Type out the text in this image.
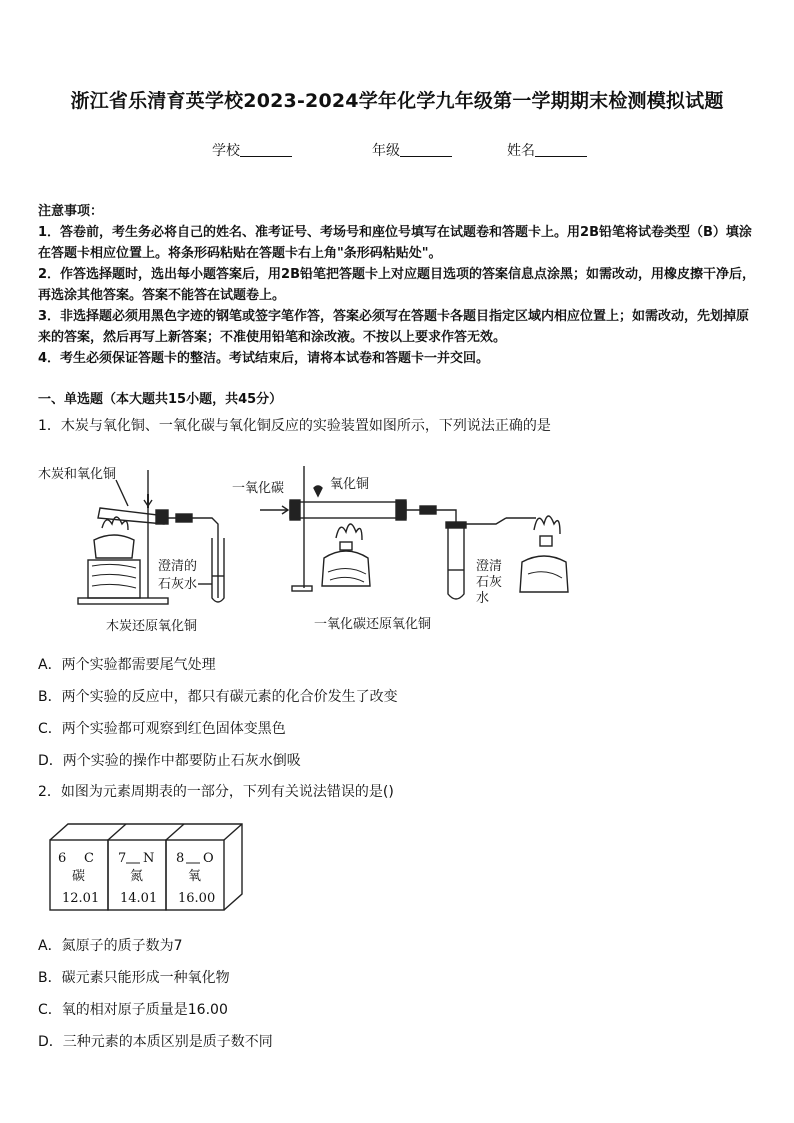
浙江省乐清育英学校2023-2024学年化学九年级第一学期期末检测模拟试题
学校	年级	姓名

注意事项：

1．答卷前，考生务必将自己的姓名、准考证号、考场号和座位号填写在试题卷和答题卡上。用2B铅笔将试卷类型（B）填涂在答题卡相应位置上。将条形码粘贴在答题卡右上角"条形码粘贴处"。

2．作答选择题时，选出每小题答案后，用2B铅笔把答题卡上对应题目选项的答案信息点涂黑；如需改动，用橡皮擦干净后，再选涂其他答案。答案不能答在试题卷上。

3．非选择题必须用黑色字迹的钢笔或签字笔作答，答案必须写在答题卡各题目指定区域内相应位置上；如需改动，先划掉原来的答案，然后再写上新答案；不准使用铅笔和涂改液。不按以上要求作答无效。

4．考生必须保证答题卡的整洁。考试结束后，请将本试卷和答题卡一并交回。

一、单选题（本大题共15小题，共45分）
1．木炭与氧化铜、一氧化碳与氧化铜反应的实验装置如图所示，下列说法正确的是
木炭和氧化铜
澄清的
石灰水
木炭还原氧化铜
一氧化碳	氧化铜
澄清
石灰
水
一氧化碳还原氧化铜
A．两个实验都需要尾气处理
B．两个实验的反应中，都只有碳元素的化合价发生了改变
C．两个实验都可观察到红色固体变黑色
D．两个实验的操作中都要防止石灰水倒吸
2．如图为元素周期表的一部分，下列有关说法错误的是()
6 C
碳
12.01
7 N
氮
14.01
8 O
氧
16.00
A．氮原子的质子数为7
B．碳元素只能形成一种氧化物
C．氧的相对原子质量是16.00
D．三种元素的本质区别是质子数不同
